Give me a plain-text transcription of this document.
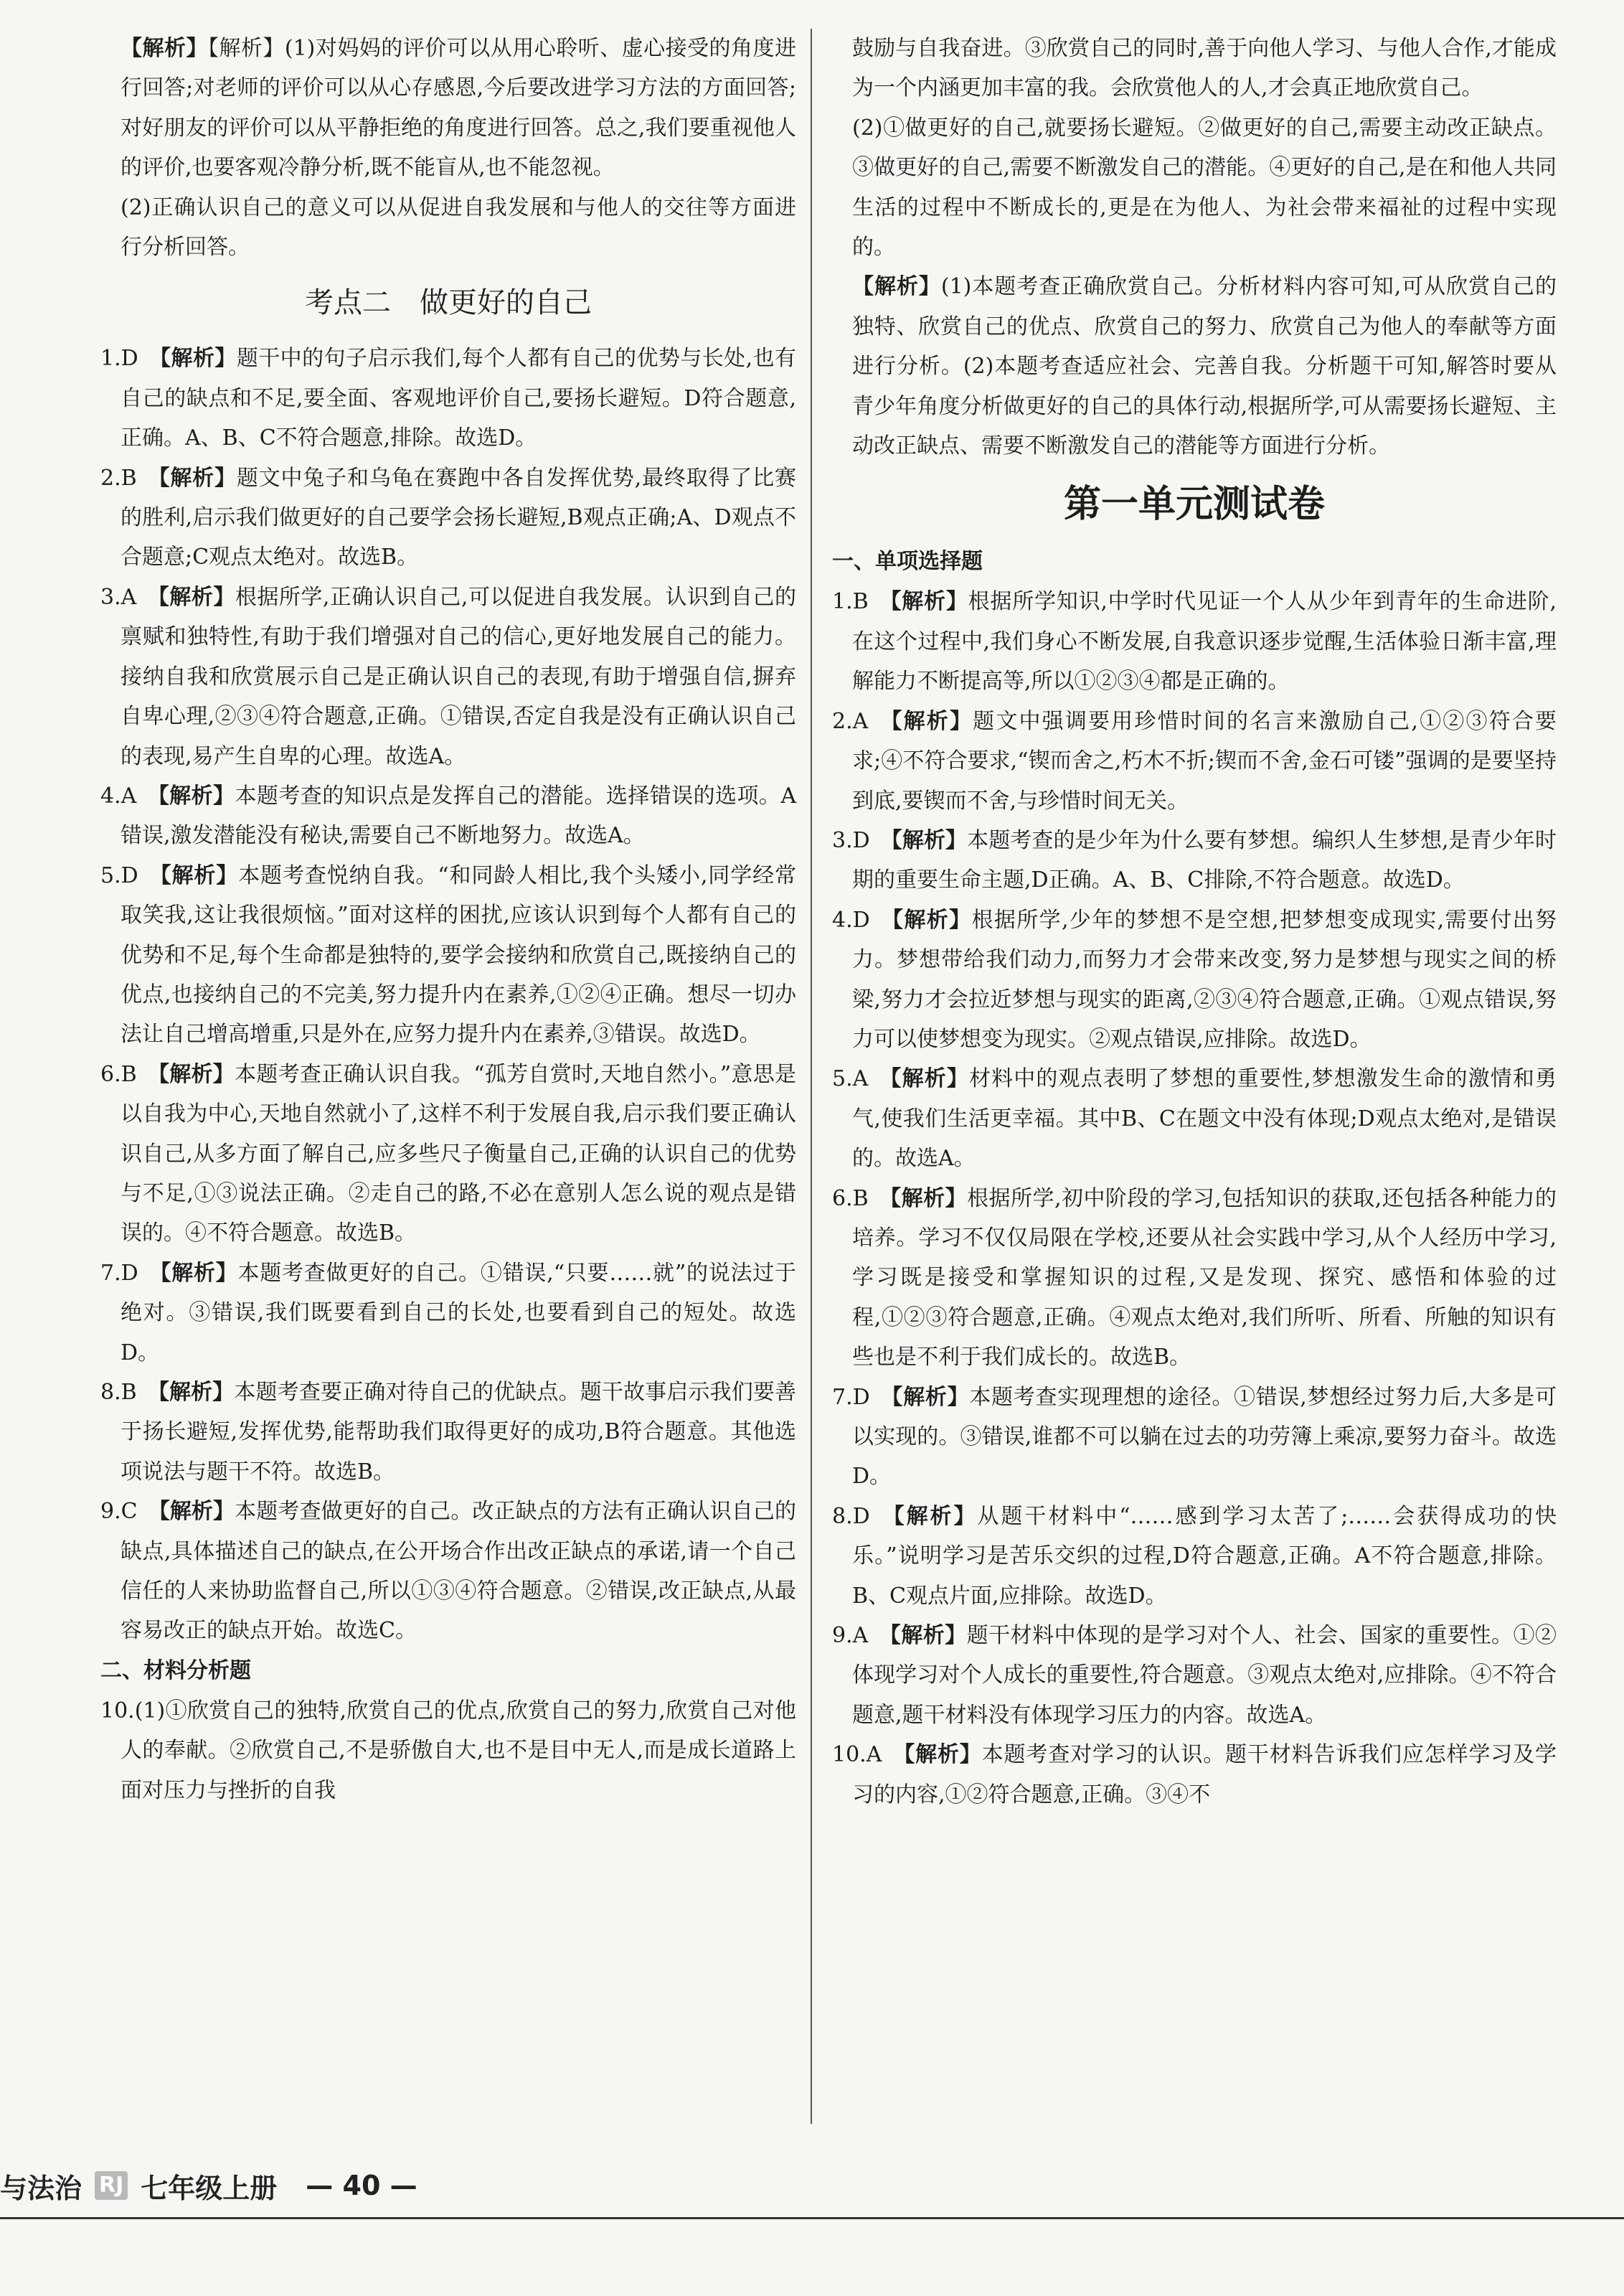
【解析】【解析】(1)对妈妈的评价可以从用心聆听、虚心接受的角度进行回答;对老师的评价可以从心存感恩,今后要改进学习方法的方面回答;对好朋友的评价可以从平静拒绝的角度进行回答。总之,我们要重视他人的评价,也要客观冷静分析,既不能盲从,也不能忽视。

(2)正确认识自己的意义可以从促进自我发展和与他人的交往等方面进行分析回答。

考点二　做更好的自己

1.D  【解析】题干中的句子启示我们,每个人都有自己的优势与长处,也有自己的缺点和不足,要全面、客观地评价自己,要扬长避短。D符合题意,正确。A、B、C不符合题意,排除。故选D。

2.B  【解析】题文中兔子和乌龟在赛跑中各自发挥优势,最终取得了比赛的胜利,启示我们做更好的自己要学会扬长避短,B观点正确;A、D观点不合题意;C观点太绝对。故选B。

3.A  【解析】根据所学,正确认识自己,可以促进自我发展。认识到自己的禀赋和独特性,有助于我们增强对自己的信心,更好地发展自己的能力。接纳自我和欣赏展示自己是正确认识自己的表现,有助于增强自信,摒弃自卑心理,②③④符合题意,正确。①错误,否定自我是没有正确认识自己的表现,易产生自卑的心理。故选A。

4.A  【解析】本题考查的知识点是发挥自己的潜能。选择错误的选项。A错误,激发潜能没有秘诀,需要自己不断地努力。故选A。

5.D  【解析】本题考查悦纳自我。“和同龄人相比,我个头矮小,同学经常取笑我,这让我很烦恼。”面对这样的困扰,应该认识到每个人都有自己的优势和不足,每个生命都是独特的,要学会接纳和欣赏自己,既接纳自己的优点,也接纳自己的不完美,努力提升内在素养,①②④正确。想尽一切办法让自己增高增重,只是外在,应努力提升内在素养,③错误。故选D。

6.B  【解析】本题考查正确认识自我。“孤芳自赏时,天地自然小。”意思是以自我为中心,天地自然就小了,这样不利于发展自我,启示我们要正确认识自己,从多方面了解自己,应多些尺子衡量自己,正确的认识自己的优势与不足,①③说法正确。②走自己的路,不必在意别人怎么说的观点是错误的。④不符合题意。故选B。

7.D  【解析】本题考查做更好的自己。①错误,“只要……就”的说法过于绝对。③错误,我们既要看到自己的长处,也要看到自己的短处。故选D。

8.B  【解析】本题考查要正确对待自己的优缺点。题干故事启示我们要善于扬长避短,发挥优势,能帮助我们取得更好的成功,B符合题意。其他选项说法与题干不符。故选B。

9.C  【解析】本题考查做更好的自己。改正缺点的方法有正确认识自己的缺点,具体描述自己的缺点,在公开场合作出改正缺点的承诺,请一个自己信任的人来协助监督自己,所以①③④符合题意。②错误,改正缺点,从最容易改正的缺点开始。故选C。

二、材料分析题

10.(1)①欣赏自己的独特,欣赏自己的优点,欣赏自己的努力,欣赏自己对他人的奉献。②欣赏自己,不是骄傲自大,也不是目中无人,而是成长道路上面对压力与挫折的自我

鼓励与自我奋进。③欣赏自己的同时,善于向他人学习、与他人合作,才能成为一个内涵更加丰富的我。会欣赏他人的人,才会真正地欣赏自己。

(2)①做更好的自己,就要扬长避短。②做更好的自己,需要主动改正缺点。③做更好的自己,需要不断激发自己的潜能。④更好的自己,是在和他人共同生活的过程中不断成长的,更是在为他人、为社会带来福祉的过程中实现的。

【解析】(1)本题考查正确欣赏自己。分析材料内容可知,可从欣赏自己的独特、欣赏自己的优点、欣赏自己的努力、欣赏自己为他人的奉献等方面进行分析。(2)本题考查适应社会、完善自我。分析题干可知,解答时要从青少年角度分析做更好的自己的具体行动,根据所学,可从需要扬长避短、主动改正缺点、需要不断激发自己的潜能等方面进行分析。

第一单元测试卷

一、单项选择题

1.B  【解析】根据所学知识,中学时代见证一个人从少年到青年的生命进阶,在这个过程中,我们身心不断发展,自我意识逐步觉醒,生活体验日渐丰富,理解能力不断提高等,所以①②③④都是正确的。

2.A  【解析】题文中强调要用珍惜时间的名言来激励自己,①②③符合要求;④不符合要求,“锲而舍之,朽木不折;锲而不舍,金石可镂”强调的是要坚持到底,要锲而不舍,与珍惜时间无关。

3.D  【解析】本题考查的是少年为什么要有梦想。编织人生梦想,是青少年时期的重要生命主题,D正确。A、B、C排除,不符合题意。故选D。

4.D  【解析】根据所学,少年的梦想不是空想,把梦想变成现实,需要付出努力。梦想带给我们动力,而努力才会带来改变,努力是梦想与现实之间的桥梁,努力才会拉近梦想与现实的距离,②③④符合题意,正确。①观点错误,努力可以使梦想变为现实。②观点错误,应排除。故选D。

5.A  【解析】材料中的观点表明了梦想的重要性,梦想激发生命的激情和勇气,使我们生活更幸福。其中B、C在题文中没有体现;D观点太绝对,是错误的。故选A。

6.B  【解析】根据所学,初中阶段的学习,包括知识的获取,还包括各种能力的培养。学习不仅仅局限在学校,还要从社会实践中学习,从个人经历中学习,学习既是接受和掌握知识的过程,又是发现、探究、感悟和体验的过程,①②③符合题意,正确。④观点太绝对,我们所听、所看、所触的知识有些也是不利于我们成长的。故选B。

7.D  【解析】本题考查实现理想的途径。①错误,梦想经过努力后,大多是可以实现的。③错误,谁都不可以躺在过去的功劳簿上乘凉,要努力奋斗。故选D。

8.D  【解析】从题干材料中“……感到学习太苦了;……会获得成功的快乐。”说明学习是苦乐交织的过程,D符合题意,正确。A不符合题意,排除。B、C观点片面,应排除。故选D。

9.A  【解析】题干材料中体现的是学习对个人、社会、国家的重要性。①②体现学习对个人成长的重要性,符合题意。③观点太绝对,应排除。④不符合题意,题干材料没有体现学习压力的内容。故选A。

10.A  【解析】本题考查对学习的认识。题干材料告诉我们应怎样学习及学习的内容,①②符合题意,正确。③④不

与法治 RJ 七年级上册 — 40 —
